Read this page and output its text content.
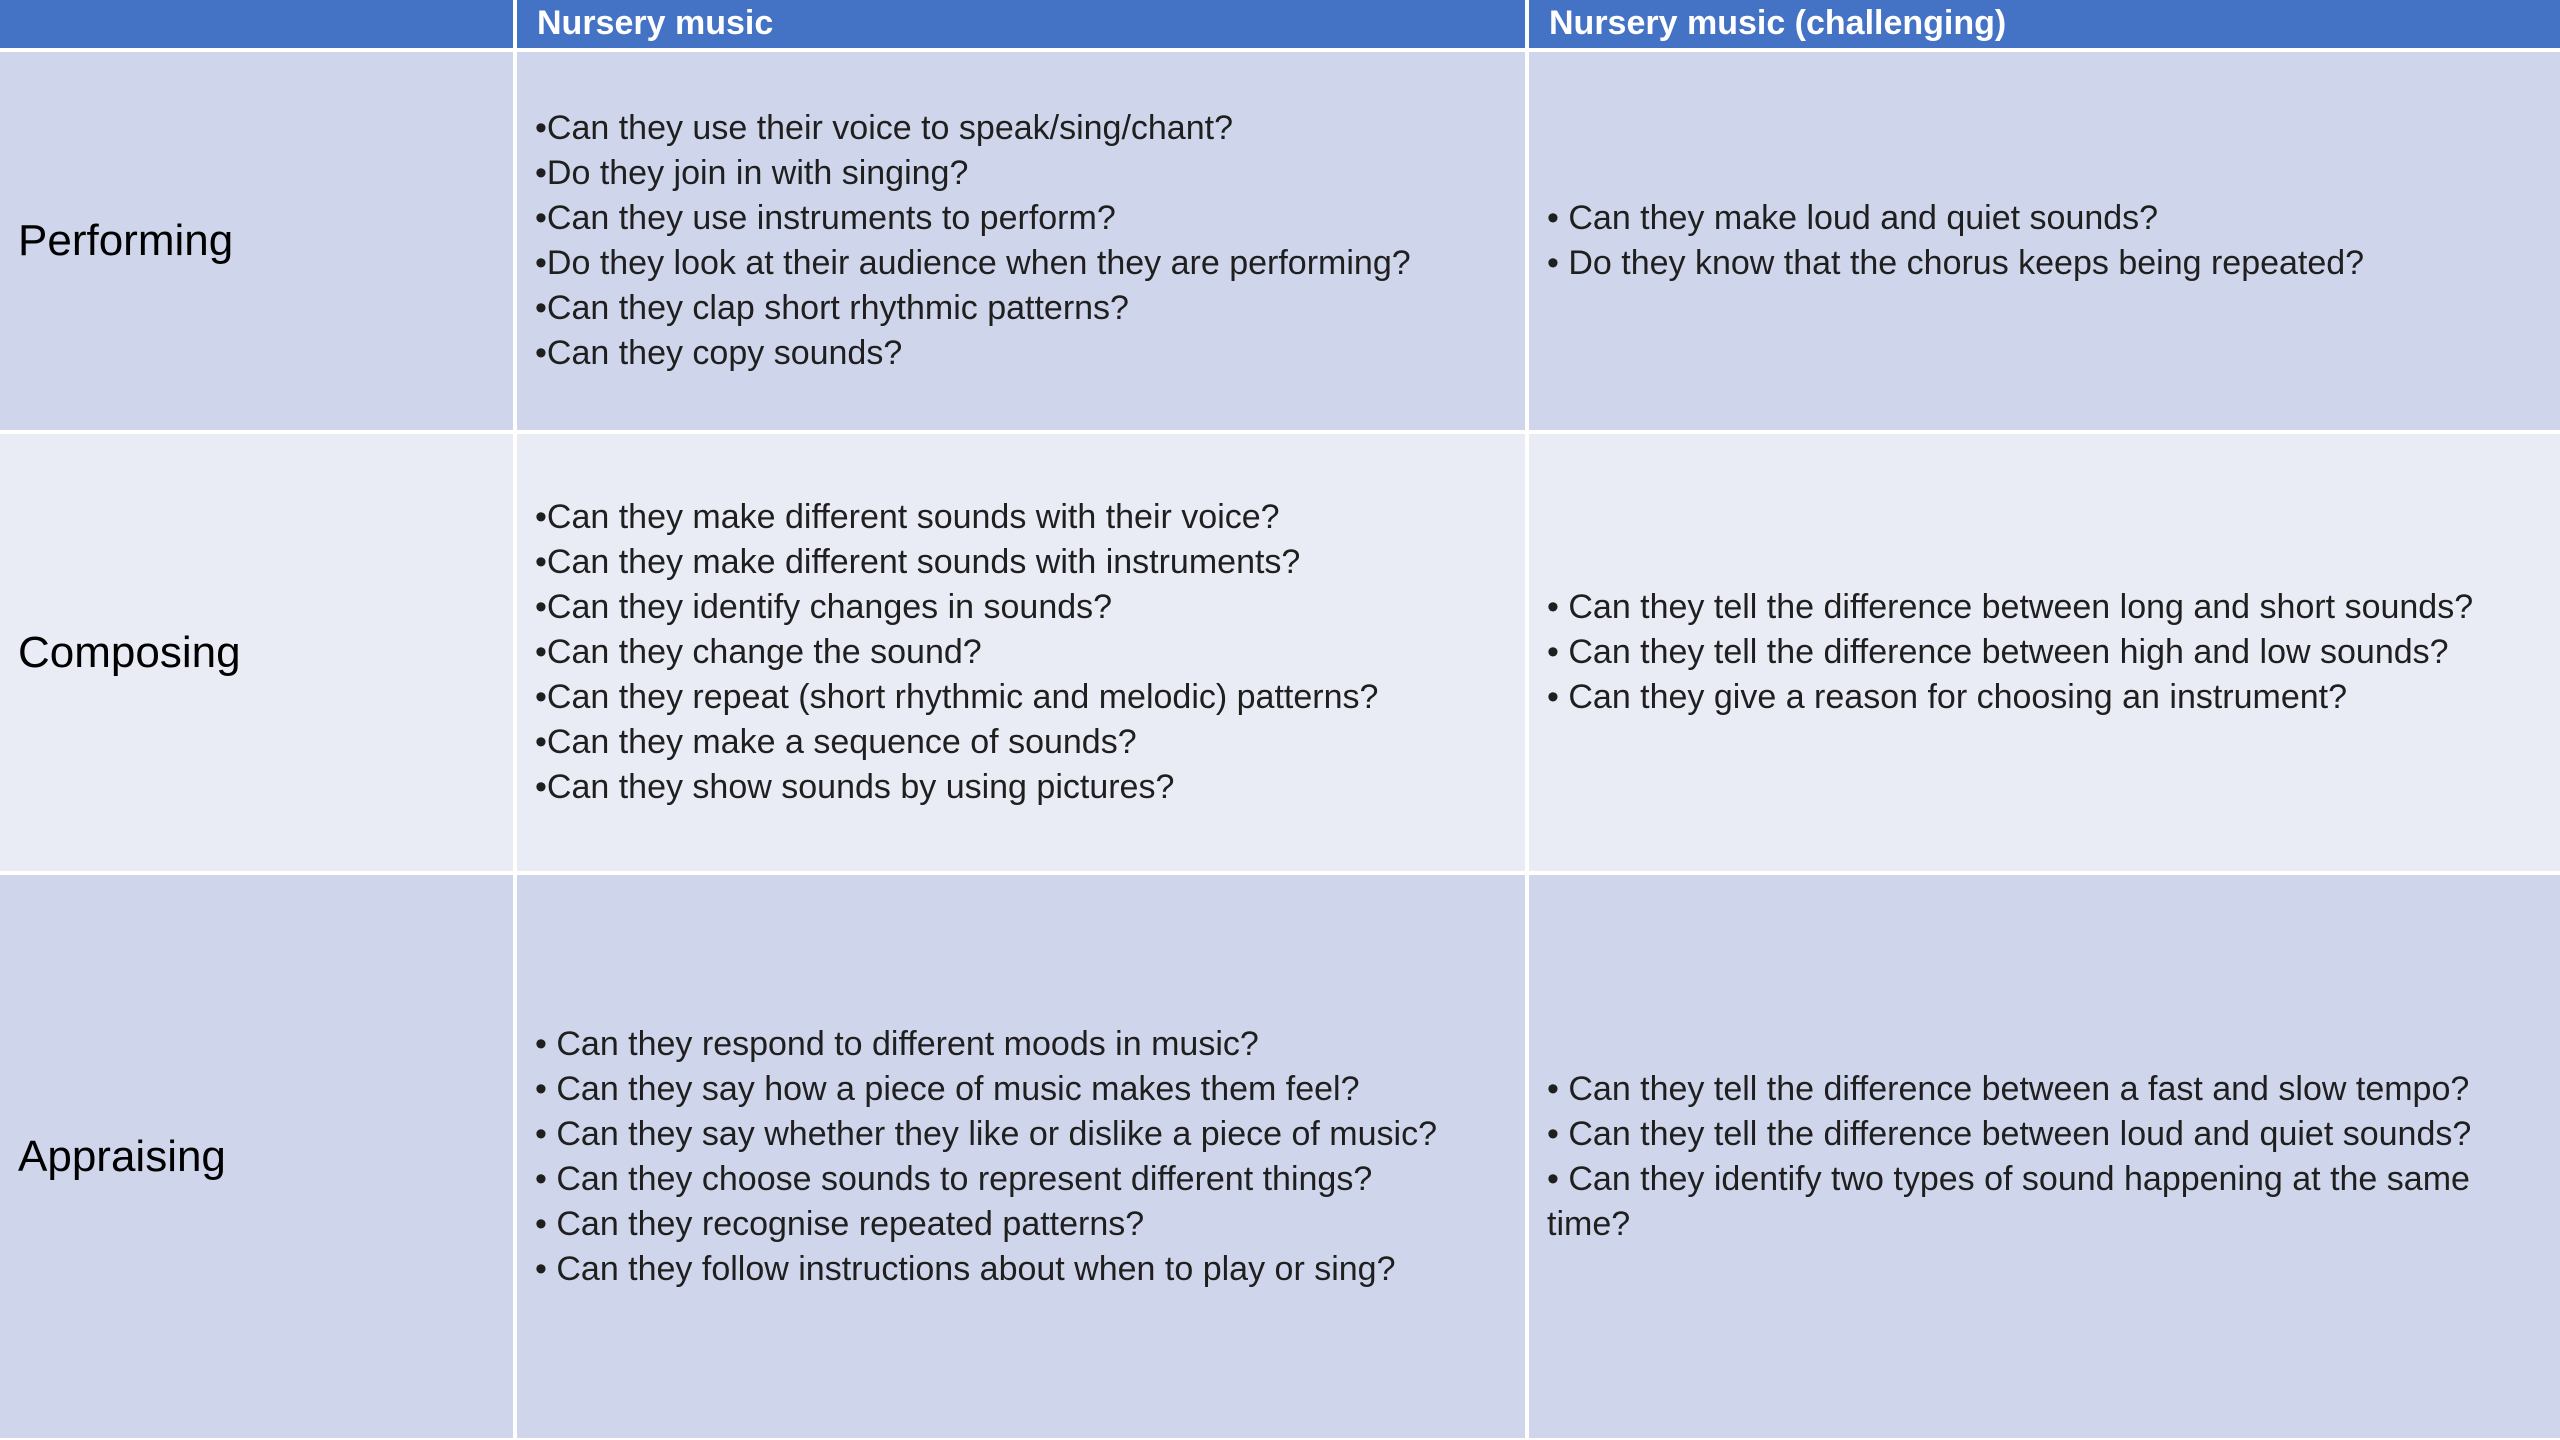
Nursery music	Nursery music (challenging)
Performing
•Can they use their voice to speak/sing/chant?
•Do they join in with singing?
•Can they use instruments to perform?
•Do they look at their audience when they are performing?
•Can they clap short rhythmic patterns?
•Can they copy sounds?
• Can they make loud and quiet sounds?
• Do they know that the chorus keeps being repeated?
Composing
•Can they make different sounds with their voice?
•Can they make different sounds with instruments?
•Can they identify changes in sounds?
•Can they change the sound?
•Can they repeat (short rhythmic and melodic) patterns?
•Can they make a sequence of sounds?
•Can they show sounds by using pictures?
• Can they tell the difference between long and short sounds?
• Can they tell the difference between high and low sounds?
• Can they give a reason for choosing an instrument?
Appraising
• Can they respond to different moods in music?
• Can they say how a piece of music makes them feel?
• Can they say whether they like or dislike a piece of music?
• Can they choose sounds to represent different things?
• Can they recognise repeated patterns?
• Can they follow instructions about when to play or sing?
• Can they tell the difference between a fast and slow tempo?
• Can they tell the difference between loud and quiet sounds?
• Can they identify two types of sound happening at the same time?
